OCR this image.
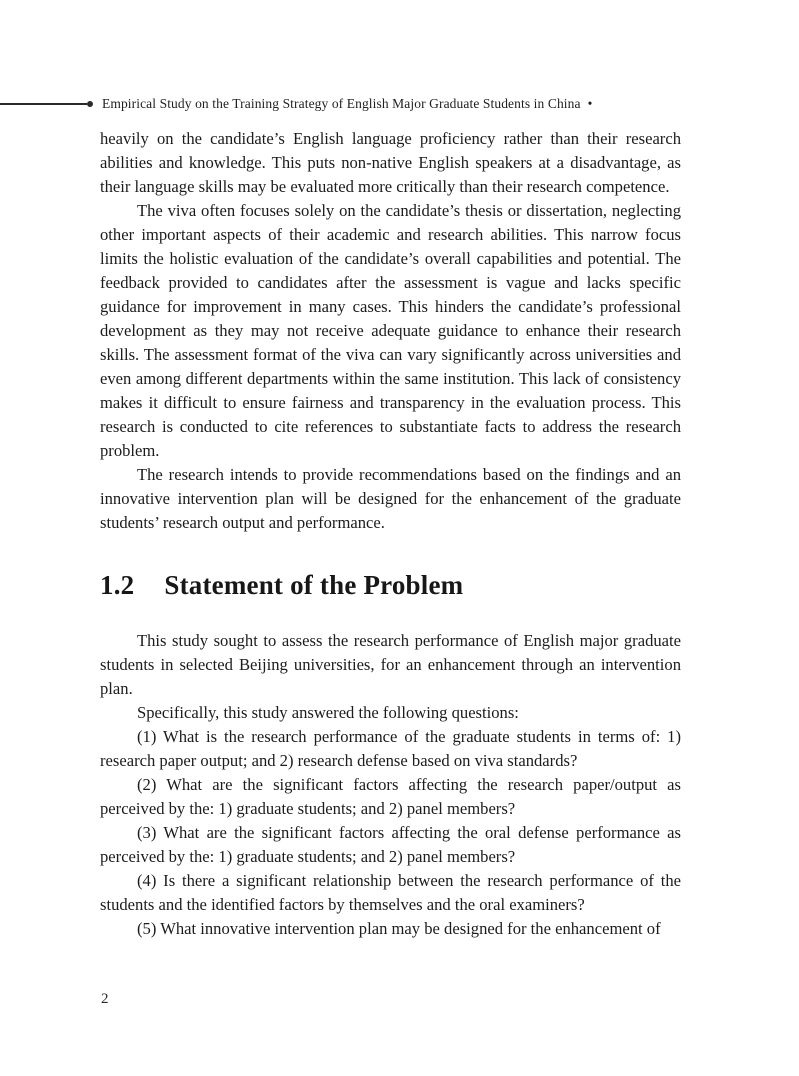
Empirical Study on the Training Strategy of English Major Graduate Students in China •

heavily on the candidate’s English language proficiency rather than their research abilities and knowledge. This puts non-native English speakers at a disadvantage, as their language skills may be evaluated more critically than their research competence.

The viva often focuses solely on the candidate’s thesis or dissertation, neglecting other important aspects of their academic and research abilities. This narrow focus limits the holistic evaluation of the candidate’s overall capabilities and potential. The feedback provided to candidates after the assessment is vague and lacks specific guidance for improvement in many cases. This hinders the candidate’s professional development as they may not receive adequate guidance to enhance their research skills. The assessment format of the viva can vary significantly across universities and even among different departments within the same institution. This lack of consistency makes it difficult to ensure fairness and transparency in the evaluation process. This research is conducted to cite references to substantiate facts to address the research problem.

The research intends to provide recommendations based on the findings and an innovative intervention plan will be designed for the enhancement of the graduate students’ research output and performance.

1.2 Statement of the Problem

This study sought to assess the research performance of English major graduate students in selected Beijing universities, for an enhancement through an intervention plan.

Specifically, this study answered the following questions:

(1) What is the research performance of the graduate students in terms of: 1) research paper output; and 2) research defense based on viva standards?

(2) What are the significant factors affecting the research paper/output as perceived by the: 1) graduate students; and 2) panel members?

(3) What are the significant factors affecting the oral defense performance as perceived by the: 1) graduate students; and 2) panel members?

(4) Is there a significant relationship between the research performance of the students and the identified factors by themselves and the oral examiners?

(5) What innovative intervention plan may be designed for the enhancement of

2
